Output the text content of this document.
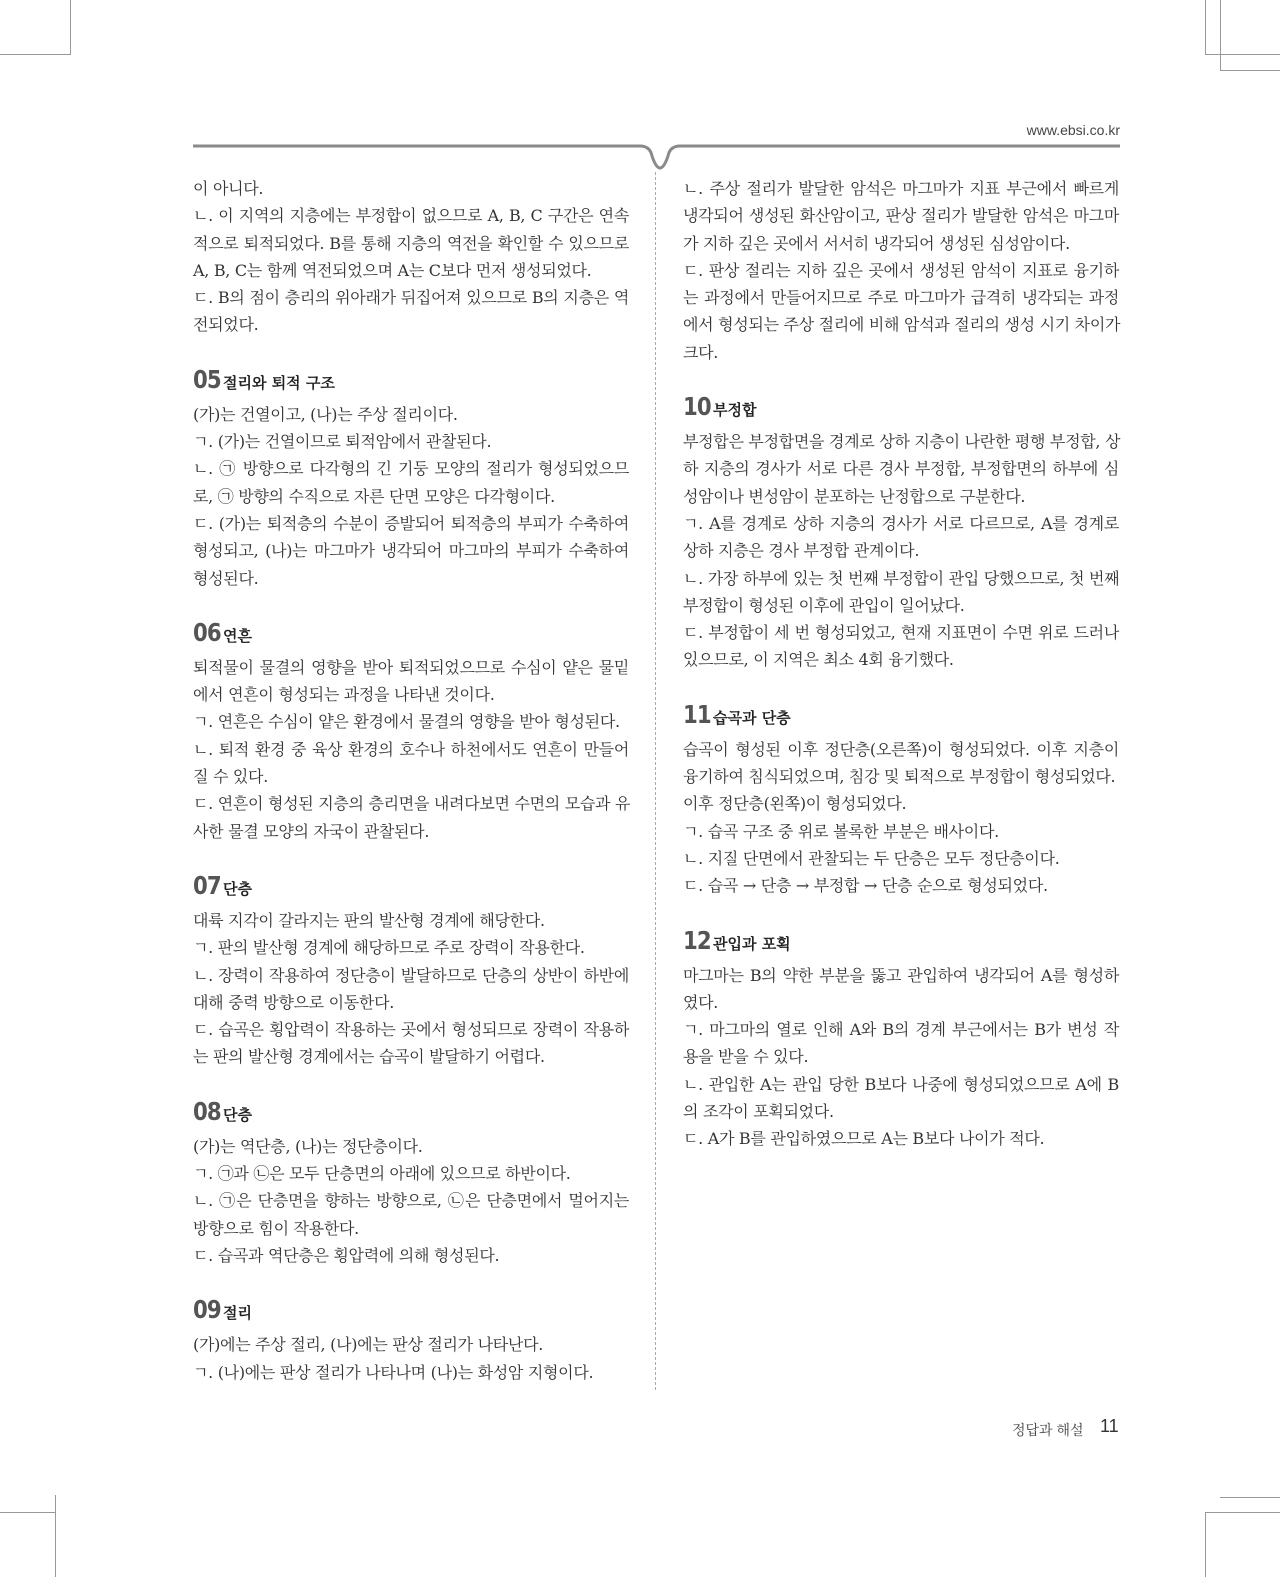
www.ebsi.co.kr

이 아니다.

ㄴ. 이 지역의 지층에는 부정합이 없으므로 A, B, C 구간은 연속

적으로 퇴적되었다. B를 통해 지층의 역전을 확인할 수 있으므로

A, B, C는 함께 역전되었으며 A는 C보다 먼저 생성되었다.

ㄷ. B의 점이 층리의 위아래가 뒤집어져 있으므로 B의 지층은 역

전되었다.

05 절리와 퇴적 구조

(가)는 건열이고, (나)는 주상 절리이다.

ㄱ. (가)는 건열이므로 퇴적암에서 관찰된다.

ㄴ. ㉠ 방향으로 다각형의 긴 기둥 모양의 절리가 형성되었으므

로, ㉠ 방향의 수직으로 자른 단면 모양은 다각형이다.

ㄷ. (가)는 퇴적층의 수분이 증발되어 퇴적층의 부피가 수축하여

형성되고, (나)는 마그마가 냉각되어 마그마의 부피가 수축하여

형성된다.

06 연흔

퇴적물이 물결의 영향을 받아 퇴적되었으므로 수심이 얕은 물밑

에서 연흔이 형성되는 과정을 나타낸 것이다.

ㄱ. 연흔은 수심이 얕은 환경에서 물결의 영향을 받아 형성된다.

ㄴ. 퇴적 환경 중 육상 환경의 호수나 하천에서도 연흔이 만들어

질 수 있다.

ㄷ. 연흔이 형성된 지층의 층리면을 내려다보면 수면의 모습과 유

사한 물결 모양의 자국이 관찰된다.

07 단층

대륙 지각이 갈라지는 판의 발산형 경계에 해당한다.

ㄱ. 판의 발산형 경계에 해당하므로 주로 장력이 작용한다.

ㄴ. 장력이 작용하여 정단층이 발달하므로 단층의 상반이 하반에

대해 중력 방향으로 이동한다.

ㄷ. 습곡은 횡압력이 작용하는 곳에서 형성되므로 장력이 작용하

는 판의 발산형 경계에서는 습곡이 발달하기 어렵다.

08 단층

(가)는 역단층, (나)는 정단층이다.

ㄱ. ㉠과 ㉡은 모두 단층면의 아래에 있으므로 하반이다.

ㄴ. ㉠은 단층면을 향하는 방향으로, ㉡은 단층면에서 멀어지는

방향으로 힘이 작용한다.

ㄷ. 습곡과 역단층은 횡압력에 의해 형성된다.

09 절리

(가)에는 주상 절리, (나)에는 판상 절리가 나타난다.

ㄱ. (나)에는 판상 절리가 나타나며 (나)는 화성암 지형이다.

ㄴ. 주상 절리가 발달한 암석은 마그마가 지표 부근에서 빠르게

냉각되어 생성된 화산암이고, 판상 절리가 발달한 암석은 마그마

가 지하 깊은 곳에서 서서히 냉각되어 생성된 심성암이다.

ㄷ. 판상 절리는 지하 깊은 곳에서 생성된 암석이 지표로 융기하

는 과정에서 만들어지므로 주로 마그마가 급격히 냉각되는 과정

에서 형성되는 주상 절리에 비해 암석과 절리의 생성 시기 차이가

크다.

10 부정합

부정합은 부정합면을 경계로 상하 지층이 나란한 평행 부정합, 상

하 지층의 경사가 서로 다른 경사 부정합, 부정합면의 하부에 심

성암이나 변성암이 분포하는 난정합으로 구분한다.

ㄱ. A를 경계로 상하 지층의 경사가 서로 다르므로, A를 경계로

상하 지층은 경사 부정합 관계이다.

ㄴ. 가장 하부에 있는 첫 번째 부정합이 관입 당했으므로, 첫 번째

부정합이 형성된 이후에 관입이 일어났다.

ㄷ. 부정합이 세 번 형성되었고, 현재 지표면이 수면 위로 드러나

있으므로, 이 지역은 최소 4회 융기했다.

11 습곡과 단층

습곡이 형성된 이후 정단층(오른쪽)이 형성되었다. 이후 지층이

융기하여 침식되었으며, 침강 및 퇴적으로 부정합이 형성되었다.

이후 정단층(왼쪽)이 형성되었다.

ㄱ. 습곡 구조 중 위로 볼록한 부분은 배사이다.

ㄴ. 지질 단면에서 관찰되는 두 단층은 모두 정단층이다.

ㄷ. 습곡 → 단층 → 부정합 → 단층 순으로 형성되었다.

12 관입과 포획

마그마는 B의 약한 부분을 뚫고 관입하여 냉각되어 A를 형성하

였다.

ㄱ. 마그마의 열로 인해 A와 B의 경계 부근에서는 B가 변성 작

용을 받을 수 있다.

ㄴ. 관입한 A는 관입 당한 B보다 나중에 형성되었으므로 A에 B

의 조각이 포획되었다.

ㄷ. A가 B를 관입하였으므로 A는 B보다 나이가 적다.

정답과 해설 11
